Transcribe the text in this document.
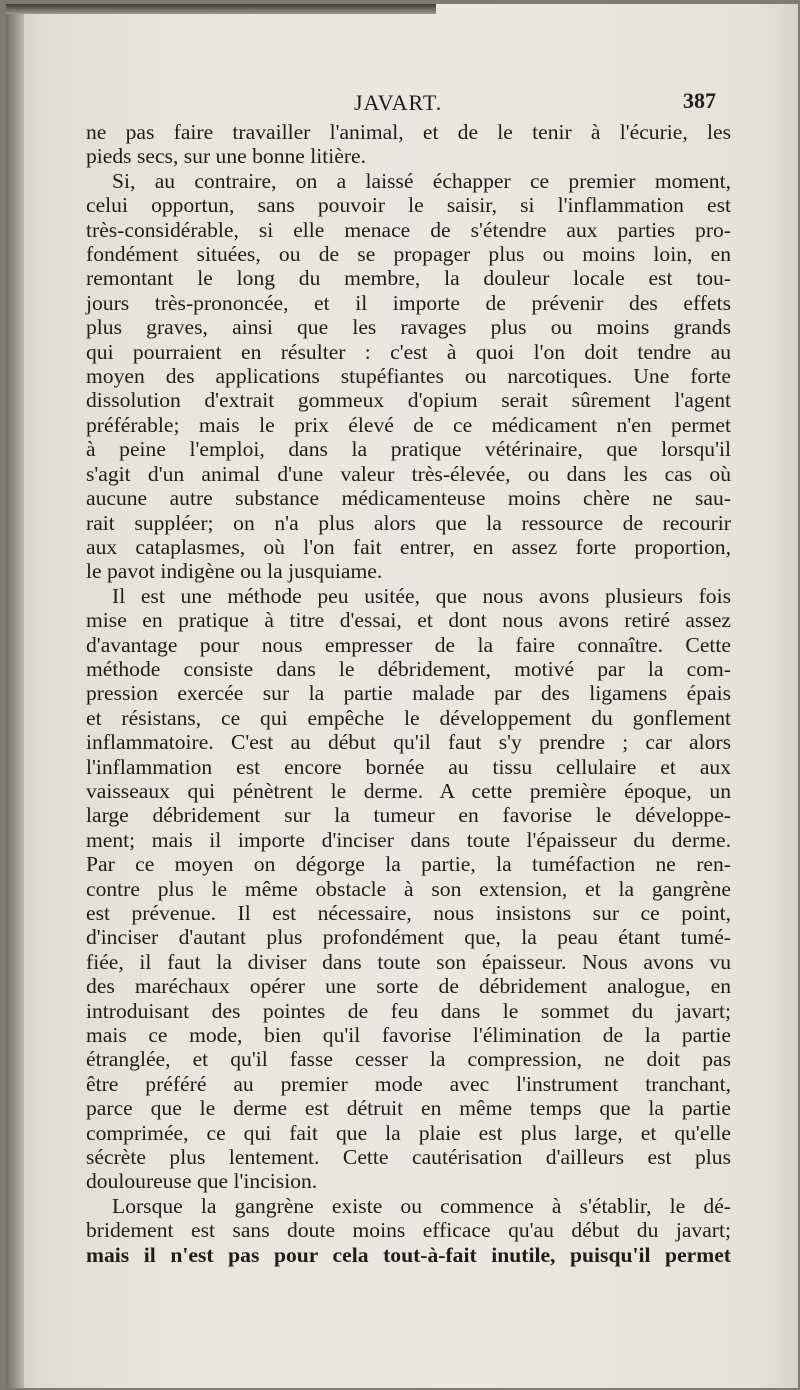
JAVART.	387
ne pas faire travailler l'animal, et de le tenir à l'écurie, les
pieds secs, sur une bonne litière.
Si, au contraire, on a laissé échapper ce premier moment,
celui opportun, sans pouvoir le saisir, si l'inflammation est
très-considérable, si elle menace de s'étendre aux parties pro-
fondément situées, ou de se propager plus ou moins loin, en
remontant le long du membre, la douleur locale est tou-
jours très-prononcée, et il importe de prévenir des effets
plus graves, ainsi que les ravages plus ou moins grands
qui pourraient en résulter : c'est à quoi l'on doit tendre au
moyen des applications stupéfiantes ou narcotiques. Une forte
dissolution d'extrait gommeux d'opium serait sûrement l'agent
préférable; mais le prix élevé de ce médicament n'en permet
à peine l'emploi, dans la pratique vétérinaire, que lorsqu'il
s'agit d'un animal d'une valeur très-élevée, ou dans les cas où
aucune autre substance médicamenteuse moins chère ne sau-
rait suppléer; on n'a plus alors que la ressource de recourir
aux cataplasmes, où l'on fait entrer, en assez forte proportion,
le pavot indigène ou la jusquiame.
Il est une méthode peu usitée, que nous avons plusieurs fois
mise en pratique à titre d'essai, et dont nous avons retiré assez
d'avantage pour nous empresser de la faire connaître. Cette
méthode consiste dans le débridement, motivé par la com-
pression exercée sur la partie malade par des ligamens épais
et résistans, ce qui empêche le développement du gonflement
inflammatoire. C'est au début qu'il faut s'y prendre ; car alors
l'inflammation est encore bornée au tissu cellulaire et aux
vaisseaux qui pénètrent le derme. A cette première époque, un
large débridement sur la tumeur en favorise le développe-
ment; mais il importe d'inciser dans toute l'épaisseur du derme.
Par ce moyen on dégorge la partie, la tuméfaction ne ren-
contre plus le même obstacle à son extension, et la gangrène
est prévenue. Il est nécessaire, nous insistons sur ce point,
d'inciser d'autant plus profondément que, la peau étant tumé-
fiée, il faut la diviser dans toute son épaisseur. Nous avons vu
des maréchaux opérer une sorte de débridement analogue, en
introduisant des pointes de feu dans le sommet du javart;
mais ce mode, bien qu'il favorise l'élimination de la partie
étranglée, et qu'il fasse cesser la compression, ne doit pas
être préféré au premier mode avec l'instrument tranchant,
parce que le derme est détruit en même temps que la partie
comprimée, ce qui fait que la plaie est plus large, et qu'elle
sécrète plus lentement. Cette cautérisation d'ailleurs est plus
douloureuse que l'incision.
Lorsque la gangrène existe ou commence à s'établir, le dé-
bridement est sans doute moins efficace qu'au début du javart;
mais il n'est pas pour cela tout-à-fait inutile, puisqu'il permet
